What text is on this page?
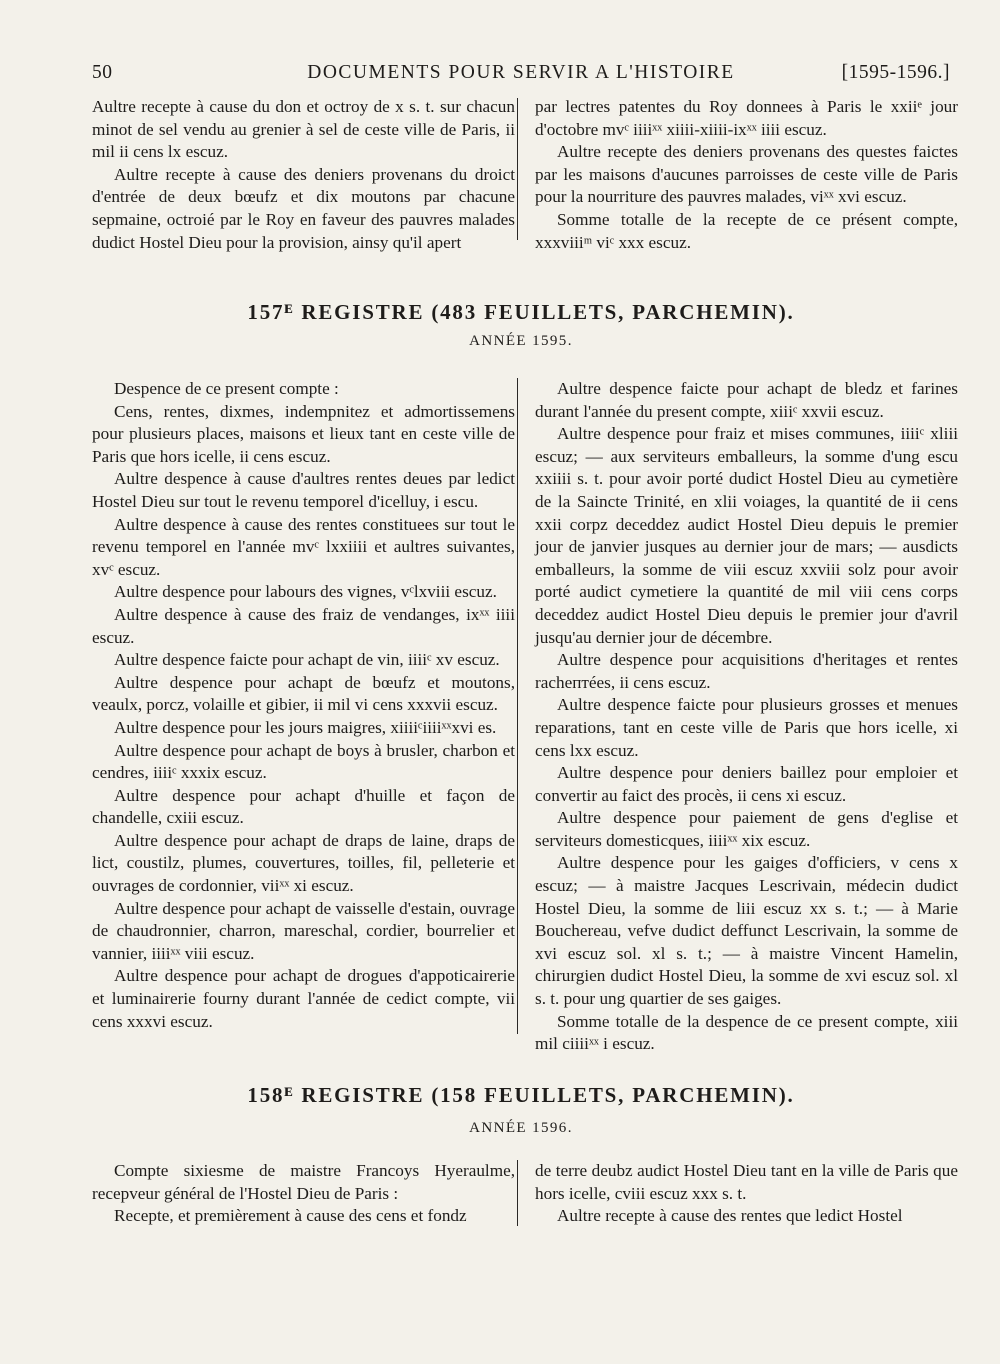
50	DOCUMENTS POUR SERVIR A L'HISTOIRE	[1595-1596.]

Aultre recepte à cause du don et octroy de x s. t. sur chacun minot de sel vendu au grenier à sel de ceste ville de Paris, ii mil ii cens lx escuz.

Aultre recepte à cause des deniers provenans du droict d'entrée de deux bœufz et dix moutons par chacune sepmaine, octroié par le Roy en faveur des pauvres malades dudict Hostel Dieu pour la provision, ainsy qu'il apert

par lectres patentes du Roy donnees à Paris le xxiiᵉ jour d'octobre mvᶜ iiiiˣˣ xiiii-xiiii-ixˣˣ iiii escuz.

Aultre recepte des deniers provenans des questes faictes par les maisons d'aucunes parroisses de ceste ville de Paris pour la nourriture des pauvres malades, viˣˣ xvi escuz.

Somme totalle de la recepte de ce présent compte, xxxviiiᵐ viᶜ xxx escuz.

157ᴱ REGISTRE (483 FEUILLETS, PARCHEMIN).
ANNÉE 1595.

Despence de ce present compte :

Cens, rentes, dixmes, indempnitez et admortissemens pour plusieurs places, maisons et lieux tant en ceste ville de Paris que hors icelle, ii cens escuz.

Aultre despence à cause d'aultres rentes deues par ledict Hostel Dieu sur tout le revenu temporel d'icelluy, i escu.

Aultre despence à cause des rentes constituees sur tout le revenu temporel en l'année mvᶜ lxxiiii et aultres suivantes, xvᶜ escuz.

Aultre despence pour labours des vignes, vᶜlxviii escuz.

Aultre despence à cause des fraiz de vendanges, ixˣˣ iiii escuz.

Aultre despence faicte pour achapt de vin, iiiiᶜ xv escuz.

Aultre despence pour achapt de bœufz et moutons, veaulx, porcz, volaille et gibier, ii mil vi cens xxxvii escuz.

Aultre despence pour les jours maigres, xiiiiᶜiiiiˣˣxvi es.

Aultre despence pour achapt de boys à brusler, charbon et cendres, iiiiᶜ xxxix escuz.

Aultre despence pour achapt d'huille et façon de chandelle, cxiii escuz.

Aultre despence pour achapt de draps de laine, draps de lict, coustilz, plumes, couvertures, toilles, fil, pelleterie et ouvrages de cordonnier, viiˣˣ xi escuz.

Aultre despence pour achapt de vaisselle d'estain, ouvrage de chaudronnier, charron, mareschal, cordier, bourrelier et vannier, iiiiˣˣ viii escuz.

Aultre despence pour achapt de drogues d'appoticairerie et luminairerie fourny durant l'année de cedict compte, vii cens xxxvi escuz.

Aultre despence faicte pour achapt de bledz et farines durant l'année du present compte, xiiiᶜ xxvii escuz.

Aultre despence pour fraiz et mises communes, iiiiᶜ xliii escuz; — aux serviteurs emballeurs, la somme d'ung escu xxiiii s. t. pour avoir porté dudict Hostel Dieu au cymetière de la Saincte Trinité, en xlii voiages, la quantité de ii cens xxii corpz deceddez audict Hostel Dieu depuis le premier jour de janvier jusques au dernier jour de mars; — ausdicts emballeurs, la somme de viii escuz xxviii solz pour avoir porté audict cymetiere la quantité de mil viii cens corps deceddez audict Hostel Dieu depuis le premier jour d'avril jusqu'au dernier jour de décembre.

Aultre despence pour acquisitions d'heritages et rentes rachептées, ii cens escuz.

Aultre despence faicte pour plusieurs grosses et menues reparations, tant en ceste ville de Paris que hors icelle, xi cens lxx escuz.

Aultre despence pour deniers baillez pour emploier et convertir au faict des procès, ii cens xi escuz.

Aultre despence pour paiement de gens d'eglise et serviteurs domesticques, iiiiˣˣ xix escuz.

Aultre despence pour les gaiges d'officiers, v cens x escuz; — à maistre Jacques Lescrivain, médecin dudict Hostel Dieu, la somme de liii escuz xx s. t.; — à Marie Bouchereau, vefve dudict deffunct Lescrivain, la somme de xvi escuz sol. xl s. t.; — à maistre Vincent Hamelin, chirurgien dudict Hostel Dieu, la somme de xvi escuz sol. xl s. t. pour ung quartier de ses gaiges.

Somme totalle de la despence de ce present compte, xiii mil ciiiiˣˣ i escuz.

158ᴱ REGISTRE (158 FEUILLETS, PARCHEMIN).
ANNÉE 1596.

Compte sixiesme de maistre Francoys Hyeraulme, recepveur général de l'Hostel Dieu de Paris :

Recepte, et premièrement à cause des cens et fondz

de terre deubz audict Hostel Dieu tant en la ville de Paris que hors icelle, cviii escuz xxx s. t.

Aultre recepte à cause des rentes que ledict Hostel
